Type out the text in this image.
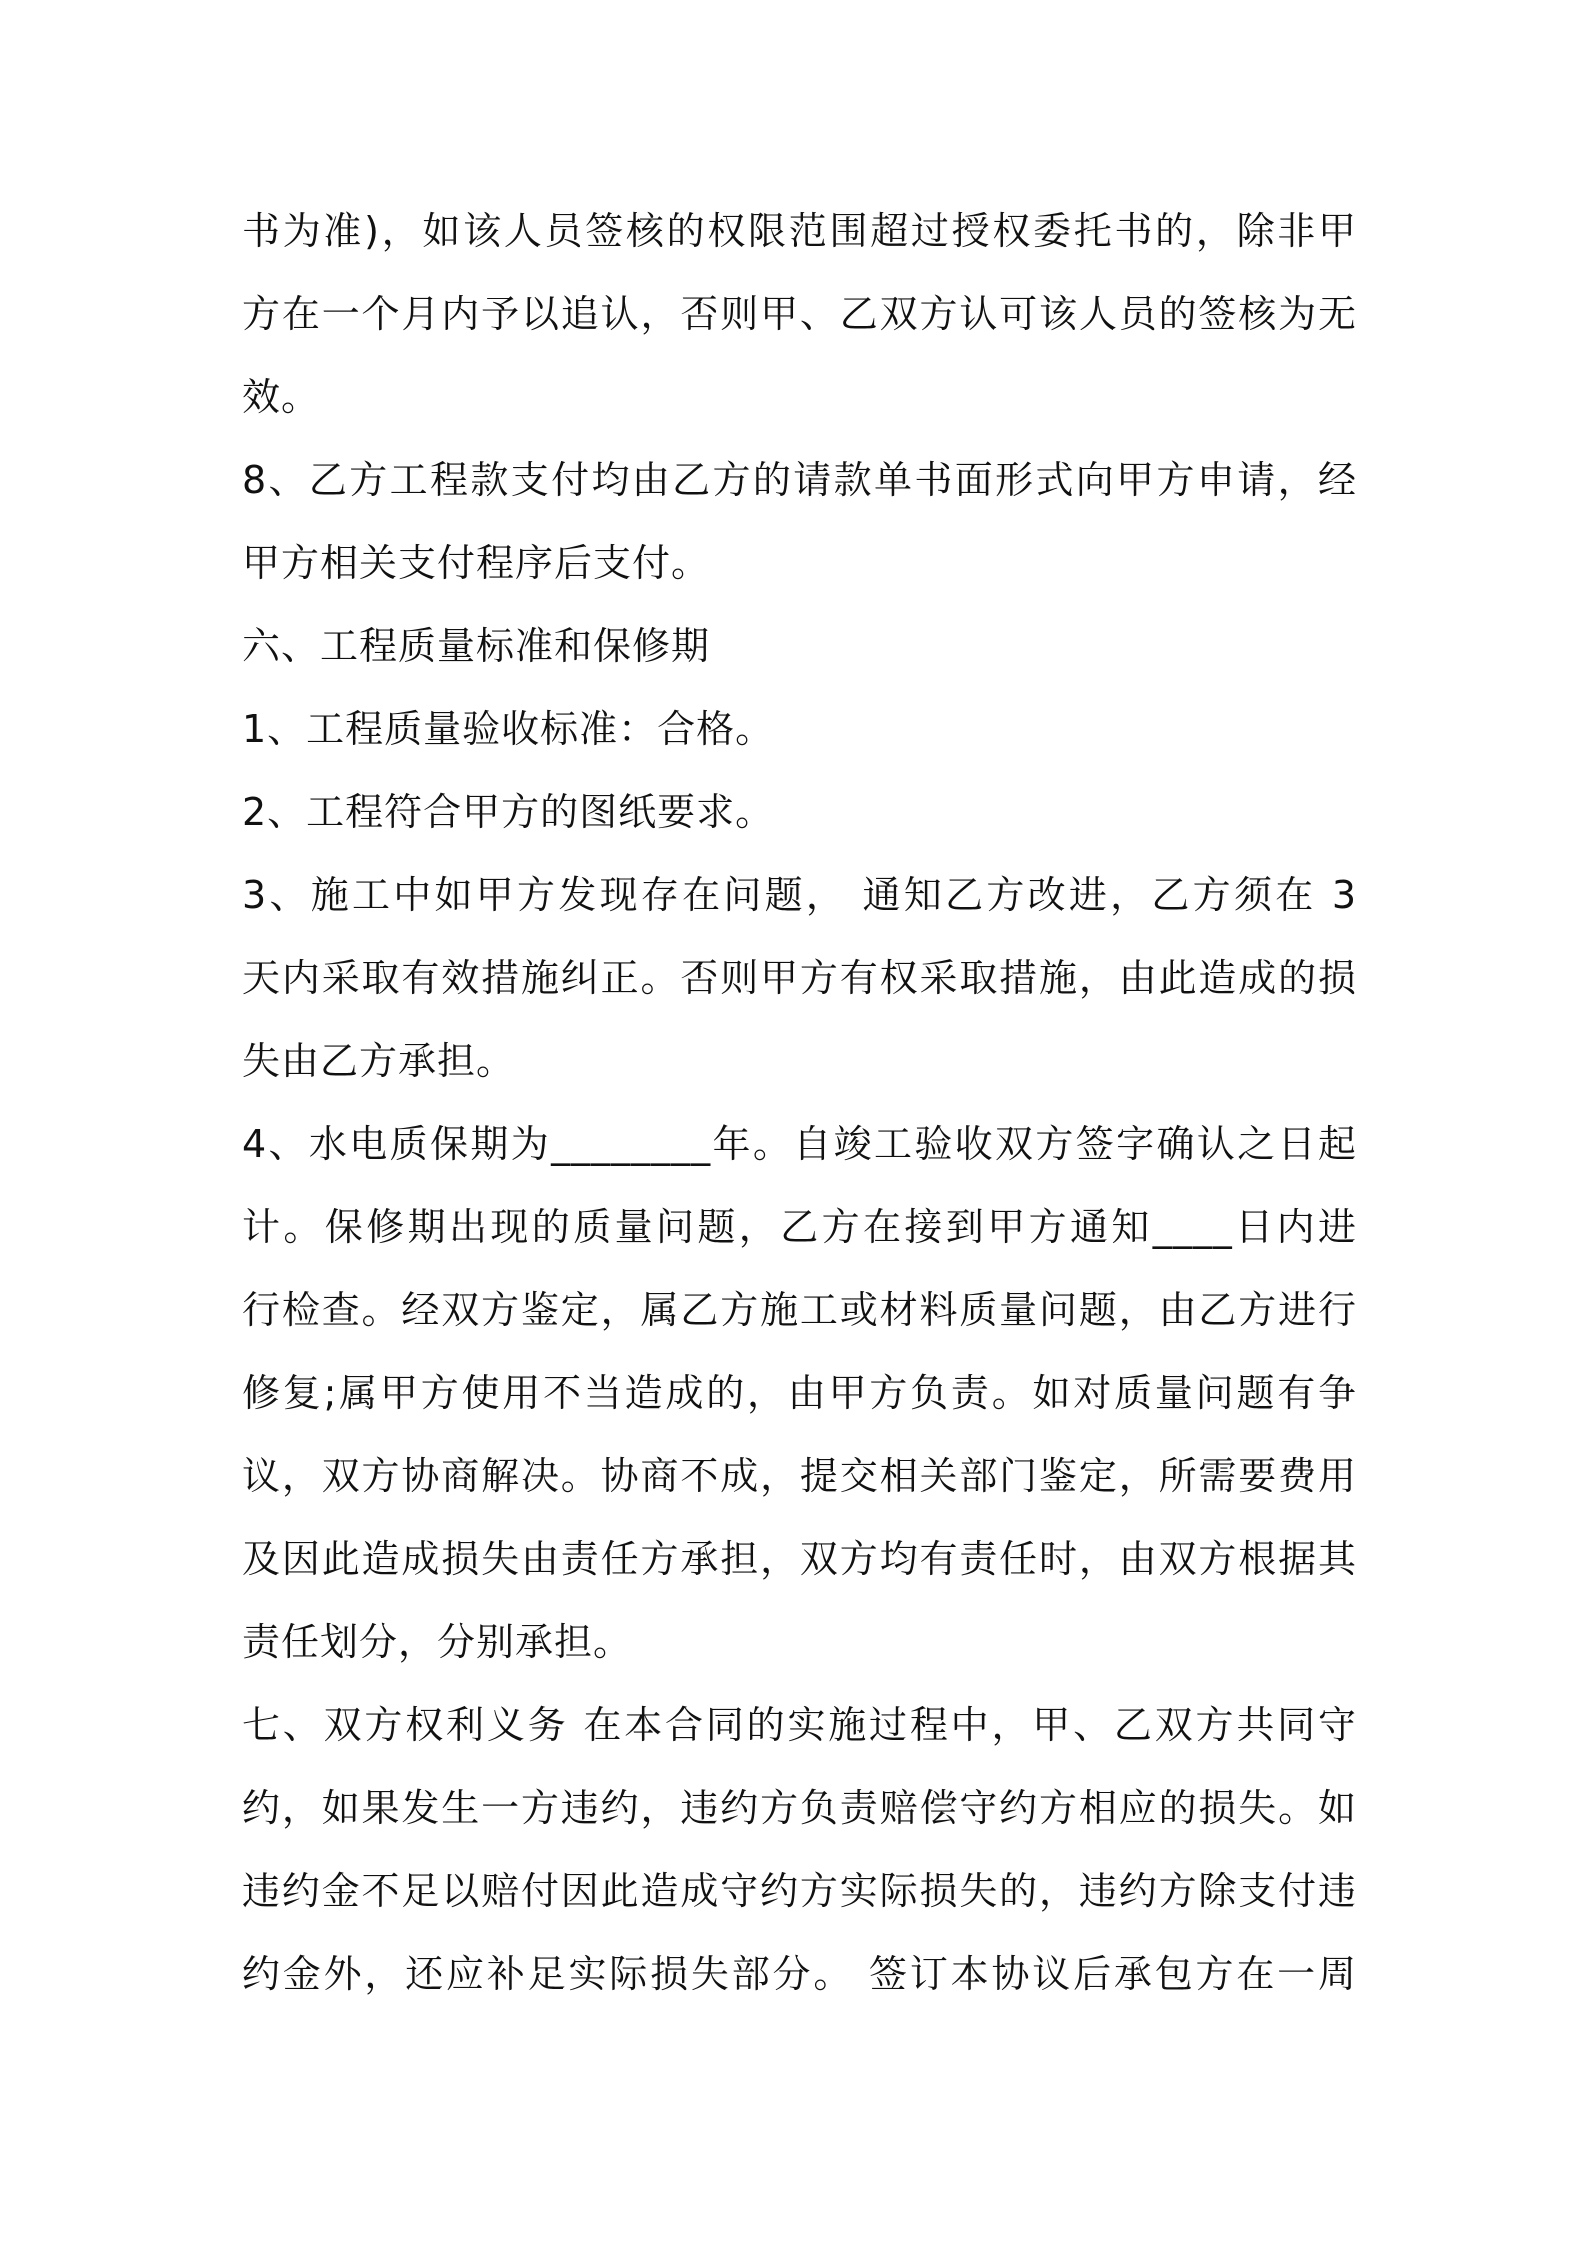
书为准)，如该人员签核的权限范围超过授权委托书的，除非甲
方在一个月内予以追认，否则甲、乙双方认可该人员的签核为无
效。
8、乙方工程款支付均由乙方的请款单书面形式向甲方申请，经
甲方相关支付程序后支付。
六、工程质量标准和保修期
1、工程质量验收标准：合格。
2、工程符合甲方的图纸要求。
3、施工中如甲方发现存在问题， 通知乙方改进，乙方须在 3
天内采取有效措施纠正。否则甲方有权采取措施，由此造成的损
失由乙方承担。
4、水电质保期为________年。自竣工验收双方签字确认之日起
计。保修期出现的质量问题，乙方在接到甲方通知____日内进
行检查。经双方鉴定，属乙方施工或材料质量问题，由乙方进行
修复;属甲方使用不当造成的，由甲方负责。如对质量问题有争
议，双方协商解决。协商不成，提交相关部门鉴定，所需要费用
及因此造成损失由责任方承担，双方均有责任时，由双方根据其
责任划分，分别承担。
七、双方权利义务 在本合同的实施过程中，甲、乙双方共同守
约，如果发生一方违约，违约方负责赔偿守约方相应的损失。如
违约金不足以赔付因此造成守约方实际损失的，违约方除支付违
约金外，还应补足实际损失部分。 签订本协议后承包方在一周
